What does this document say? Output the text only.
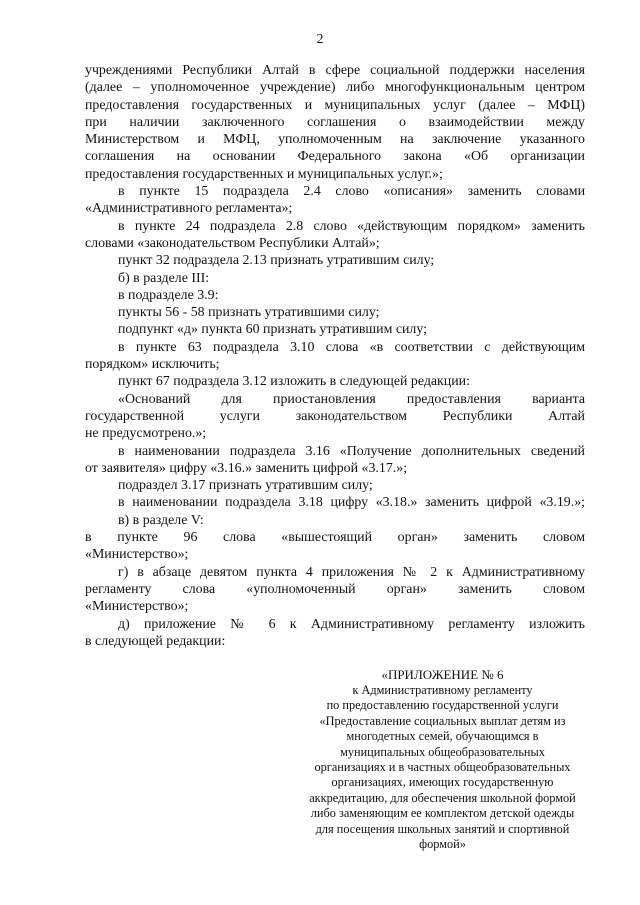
2

учреждениями Республики Алтай в сфере социальной поддержки населения

(далее – уполномоченное учреждение) либо многофункциональным центром

предоставления государственных и муниципальных услуг (далее – МФЦ)

при наличии заключенного соглашения о взаимодействии между

Министерством и МФЦ, уполномоченным на заключение указанного

соглашения на основании Федерального закона «Об организации

предоставления государственных и муниципальных услуг.»;

в пункте 15 подраздела 2.4 слово «описания» заменить словами

«Административного регламента»;

в пункте 24 подраздела 2.8 слово «действующим порядком» заменить

словами «законодательством Республики Алтай»;

пункт 32 подраздела 2.13 признать утратившим силу;

б) в разделе III:

в подразделе 3.9:

пункты 56 - 58 признать утратившими силу;

подпункт «д» пункта 60 признать утратившим силу;

в пункте 63 подраздела 3.10 слова «в соответствии с действующим

порядком» исключить;

пункт 67 подраздела 3.12 изложить в следующей редакции:

«Оснований для приостановления предоставления варианта

государственной услуги законодательством Республики Алтай

не предусмотрено.»;

в наименовании подраздела 3.16 «Получение дополнительных сведений

от заявителя» цифру «3.16.» заменить цифрой «3.17.»;

подраздел 3.17 признать утратившим силу;

в наименовании подраздела 3.18 цифру «3.18.» заменить цифрой «3.19.»;

в) в разделе V:

в пункте 96 слова «вышестоящий орган» заменить словом

«Министерство»;

г) в абзаце девятом пункта 4 приложения № 2 к Административному

регламенту слова «уполномоченный орган» заменить словом

«Министерство»;

д) приложение № 6 к Административному регламенту изложить

в следующей редакции:

«ПРИЛОЖЕНИЕ № 6
к Административному регламенту
по предоставлению государственной услуги
«Предоставление социальных выплат детям из
многодетных семей, обучающимся в
муниципальных общеобразовательных
организациях и в частных общеобразовательных
организациях, имеющих государственную
аккредитацию, для обеспечения школьной формой
либо заменяющим ее комплектом детской одежды
для посещения школьных занятий и спортивной
формой»
